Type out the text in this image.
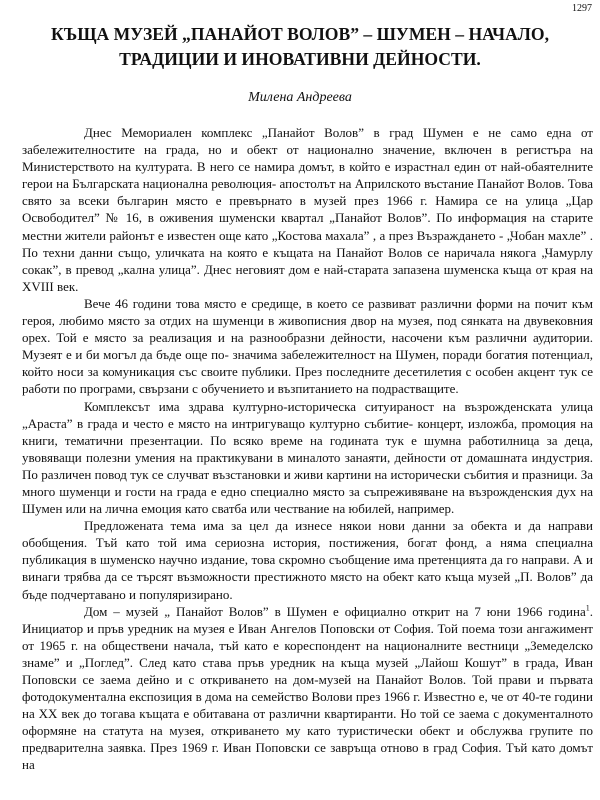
1297
КЪЩА МУЗЕЙ „ПАНАЙОТ ВОЛОВ” – ШУМЕН – НАЧАЛО,
ТРАДИЦИИ И ИНОВАТИВНИ ДЕЙНОСТИ.
Милена Андреева

Днес Мемориален комплекс „Панайот Волов” в град Шумен е не само една от забележителностите на града, но и обект от национално значение, включен в регистъра на Министерството на културата. В него се намира домът, в който е израстнал един от най-обаятелните герои на Българската национална революция- апостолът на Априлското въстание Панайот Волов. Това свято за всеки българин място е превърнато в музей през 1966 г. Намира се на улица „Цар Освободител” № 16, в оживения шуменски квартал „Панайот Волов”. По информация на старите местни жители районът е известен още като „Костова махала” , а през Възраждането - „Чобан махле” . По техни данни също, уличката на която е къщата на Панайот Волов се наричала някога „Чамурлу сокак”, в превод „кална улица”. Днес неговият дом е най-старата запазена шуменска къща от края на XVIII век.

Вече 46 години това място е средище, в което се развиват различни форми на почит към героя, любимо място за отдих на шуменци в живописния двор на музея, под сянката на двувековния орех. Той е място за реализация и на разнообразни дейности, насочени към различни аудитории. Музеят е и би могъл да бъде още по- значима забележителност на Шумен, поради богатия потенциал, който носи за комуникация със своите публики. През последните десетилетия с особен акцент тук се работи по програми, свързани с обучението и възпитанието на подрастващите.

Комплексът има здрава културно-историческа ситуираност на възрожденската улица „Араста” в града и често е място на интригуващо културно събитие- концерт, изложба, промоция на книги, тематични презентации. По всяко време на годината тук е шумна работилница за деца, увовяващи полезни умения на практикувани в миналото занаяти, дейности от домашната индустрия. По различен повод тук се случват възстановки и живи картини на исторически събития и празници. За много шуменци и гости на града е едно специално място за съпреживяване на възрожденския дух на Шумен или на лична емоция като сватба или чествание на юбилей, например.

Предложената тема има за цел да изнесе някои нови данни за обекта и да направи обобщения. Тъй като той има сериозна история, постижения, богат фонд, а няма специална публикация в шуменско научно издание, това скромно съобщение има претенцията да го направи. А и винаги трябва да се търсят възможности престижното място на обект като къща музей „П. Волов” да бъде подчертавано и популяризирано.

Дом – музей „ Панайот Волов” в Шумен е официално открит на 7 юни 1966 година$^1$. Инициатор и пръв уредник на музея е Иван Ангелов Поповски от София. Той поема този ангажимент от 1965 г. на обществени начала, тъй като е кореспондент на националните вестници „Земеделско знаме” и „Поглед”. След като става пръв уредник на къща музей „Лайош Кошут” в града, Иван Поповски се заема дейно и с откриването на дом-музей на Панайот Волов. Той прави и първата фотодокументална експозиция в дома на семейство Волови през 1966 г. Известно е, че от 40-те години на XX век до тогава къщата е обитавана от различни квартиранти. Но той се заема с документалното оформяне на статута на музея, откриването му като туристически обект и обслужва групите по предварителна заявка. През 1969 г. Иван Поповски се завръща отново в град София. Тъй като домът на
